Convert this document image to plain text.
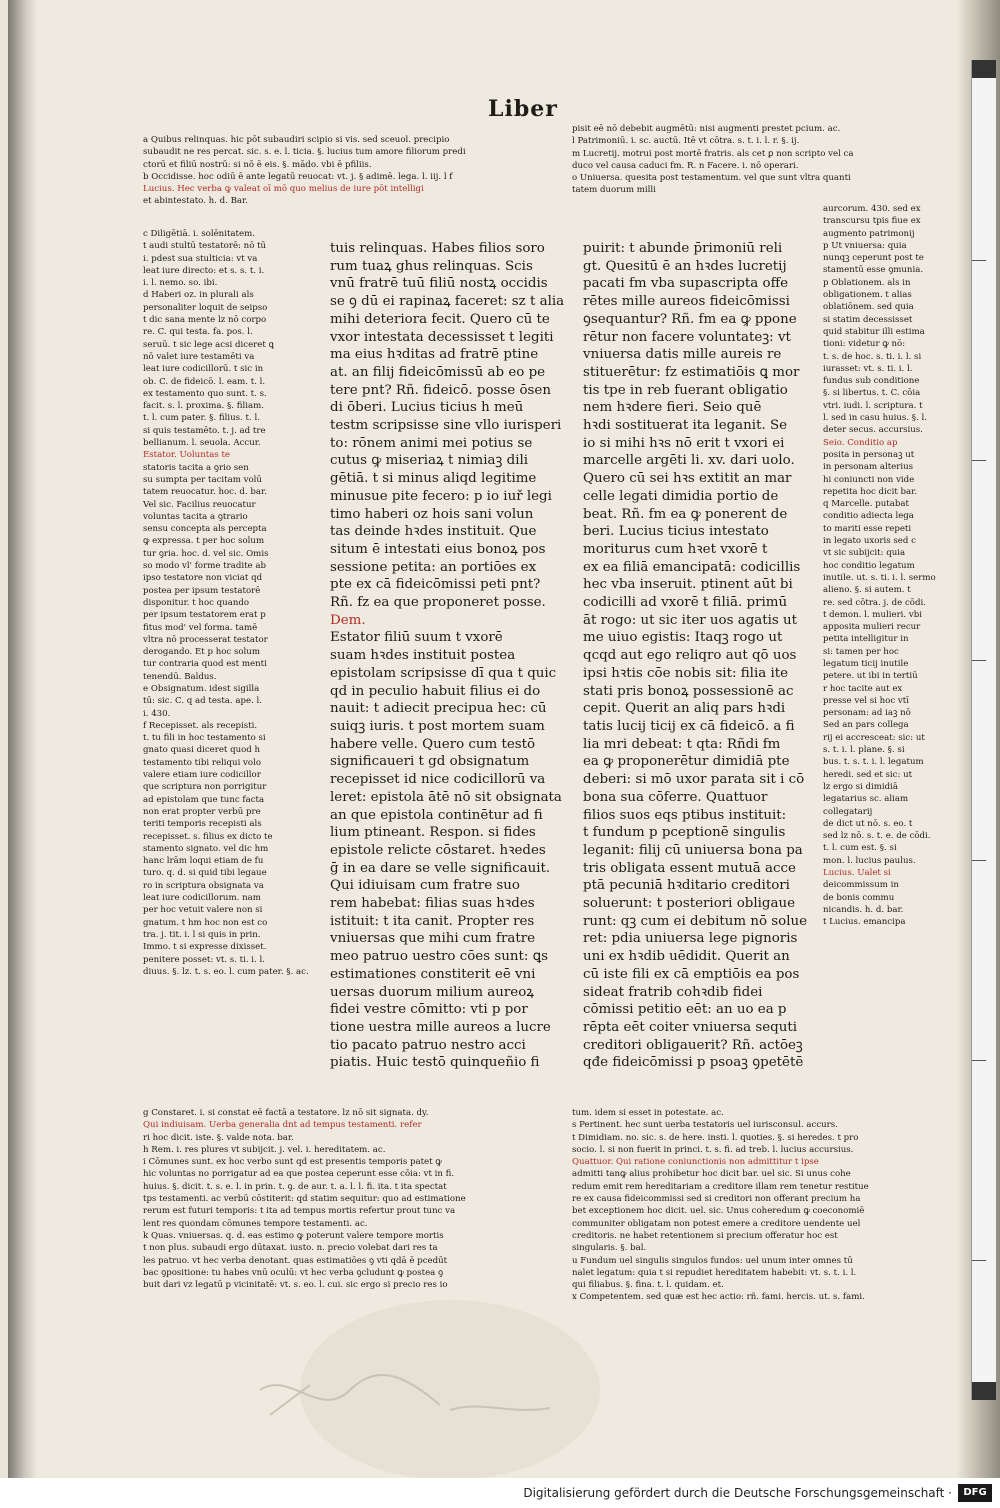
Liber

a Quibus relinquas. hic pōt subaudiri scipio si vis. sed sceuol. precipio

subaudit ne res percat. sic. s. e. l. ticia. §. lucius tum amore filiorum predi

ctorū et filiū nostrū: si nō ē eis. §. mādo. vbi ē pfiliis.

b Occidisse. hoc odiū ē ante legatū reuocat: vt. j. § adimē. lega. l. iij. l f

Lucius. Hec verba ꝙ valeat oī mō quo melius de iure pōt intelligi

et abintestato. h. d. Bar.

pisit eē nō debebit augmētū: nisi augmenti prestet pcium. ac.

l Patrimoniū. i. sc. auctū. Itē vt cōtra. s. t. i. l. r. §. ij.

m Lucretij. motrui post mortē fratris. als cet ꝑ non scripto vel ca

duco vel causa caduci fm. R. n Facere. i. nō operari.

o Uniuersa. quesita post testamentum. vel que sunt vltra quanti

tatem duorum milli

c Diligētiā. i. solēnitatem.

t audi stultū testatorē: nō tū

i. pdest sua stulticia: vt va

leat iure directo: et s. s. t. i.

i. l. nemo. so. ibi.

d Haberi oz. in plurali als

personaliter loquit de seipso

t dic sana mente lz nō corpo

re. C. qui testa. fa. pos. l.

seruū. t sic lege acsi diceret ꝗ

nō valet iure testamēti va

leat iure codicillorū. t sic in

ob. C. de fideicō. l. eam. t. l.

ex testamento quo sunt. t. s.

facit. s. l. proxima. §. filiam.

t. l. cum pater. §. filius. t. l.

si quis testamēto. t. j. ad tre

bellianum. l. seuola. Accur.

Estator. Uoluntas te

statoris tacita a ꝯrio sen

su sumpta per tacitam volū

tatem reuocatur. hoc. d. bar.

Vel sic. Facilius reuocatur

voluntas tacita a ꝯtrario

sensu concepta als percepta

ꝙ expressa. t per hoc solum

tur ꝯria. hoc. d. vel sic. Omis

so modo vl' forme tradite ab

ipso testatore non viciat qd

postea per ipsum testatorē

disponitur. t hoc quando

per ipsum testatorem erat p

fitus mod' vel forma. tamē

vltra nō processerat testator

derogando. Et p hoc solum

tur contraria quod est menti

tenendū. Baldus.

e Obsignatum. idest sigilla

tū: sic. C. q ad testa. ape. l.

i. 430.

f Recepisset. als recepisti.

t. tu fili in hoc testamento si

gnato quasi diceret quod h

testamento tibi reliqui volo

valere etiam iure codicillor

que scriptura non porrigitur

ad epistolam que tunc facta

non erat propter verbū pre

teriti temporis recepisti als

recepisset. s. filius ex dicto te

stamento signato. vel dic hm

hanc lrām loqui etiam de fu

turo. q. d. si quid tibi legaue

ro in scriptura obsignata va

leat iure codicillorum. nam

per hoc vetuit valere non si

gnatum. t hm hoc non est co

tra. j. tit. i. l si quis in prin.

Immo. t si expresse dixisset.

penitere posset: vt. s. ti. i. l.

diuus. §. lz. t. s. eo. l. cum pater. §. ac.

tuis relinquas. Habes filios soro

rum tuaꝝ ghus relinquas. Scis

vnū fratrē tuū filiū nostꝝ occidis

se ꝯ dū ei rapinaꝝ faceret: sz t alia

mihi deteriora fecit. Quero cū te

vxor intestata decessisset t legiti

ma eius hꝛditas ad fratrē ptine

at. an filij fideicōmissū ab eo pe

tere pnt? Rñ. fideicō. posse ōsen

di ōberi. Lucius ticius h meū

testm scripsisse sine vllo iurisperi

to: rōnem animi mei potius se

cutus ꝙ miseriaꝝ t nimiaꝫ dili

gētiā. t si minus aliqd legitime

minusue pite fecero: p io iuř legi

timo haberi oz hois sani volun

tas deinde hꝛdes instituit. Que

situm ē intestati eius bonoꝝ pos

sessione petita: an portiōes ex

pte ex cā fideicōmissi peti pnt?

Rñ. fz ea que proponeret posse.

Dem.

Estator filiū suum t vxorē

suam hꝛdes instituit postea

epistolam scripsisse dī qua t quic

qd in peculio habuit filius ei do

nauit: t adiecit precipua hec: cū

suiqꝫ iuris. t post mortem suam

habere velle. Quero cum testō

significaueri t gd obsignatum

recepisset id nice codicillorū va

leret: epistola ātē nō sit obsignata

an que epistola continētur ad fi

lium ptineant. Respon. si fides

epistole relicte cōstaret. hꝛedes

ḡ in ea dare se velle significauit.

Qui idiuisam cum fratre suo

rem habebat: filias suas hꝛdes

istituit: t ita canit. Propter res

vniuersas que mihi cum fratre

meo patruo uestro cōes sunt: ꝗs

estimationes constiterit eē vni

uersas duorum milium aureoꝝ

fidei vestre cōmitto: vti p por

tione uestra mille aureos a lucre

tio pacato patruo nestro acci

piatis. Huic testō quinqueñio fi

puirit: t abunde p̄rimoniū reli

gt. Quesitū ē an hꝛdes lucretij

pacati fm vba supascripta offe

rētes mille aureos fideicōmissi

ꝯsequantur? Rñ. fm ea ꝙ ppone

rētur non facere voluntateꝫ: vt

vniuersa datis mille aureis re

stituerētur: fz estimatiōis ꝗ mor

tis tpe in reb fuerant obligatio

nem hꝛdere fieri. Seio quē

hꝛdi sostituerat ita leganit. Se

io si mihi hꝛs nō erit t vxori ei

marcelle argēti li. xv. dari uolo.

Quero cū sei hꝛs extitit an mar

celle legati dimidia portio de

beat. Rñ. fm ea ꝙ ponerent de

beri. Lucius ticius intestato

moriturus cum hꝛet vxorē t

ex ea filiā emancipatā: codicillis

hec vba inseruit. ptinent aūt bi

codicilli ad vxorē t filiā. primū

āt rogo: ut sic iter uos agatis ut

me uiuo egistis: Itaqꝫ rogo ut

qcqd aut ego reliqro aut qō uos

ipsi hꝛtis cōe nobis sit: filia ite

stati pris bonoꝝ possessionē ac

cepit. Querit an aliq pars hꝛdi

tatis lucij ticij ex cā fideicō. a fi

lia mri debeat: t qta: Rñdi fm

ea ꝙ proponerētur dimidiā pte

deberi: si mō uxor parata sit i cō

bona sua cōferre. Quattuor

filios suos eqs ptibus instituit:

t fundum p pceptionē singulis

leganit: filij cū uniuersa bona pa

tris obligata essent mutuā acce

ptā pecuniā hꝛditario creditori

soluerunt: t posteriori obligaue

runt: qꝫ cum ei debitum nō solue

ret: pdia uniuersa lege pignoris

uni ex hꝛdib uēdidit. Querit an

cū iste fili ex cā emptiōis ea pos

sideat fratrib cohꝛdib fidei

cōmissi petitio eēt: an uo ea p

rēpta eēt coiter vniuersa sequti

creditori obligauerit? Rñ. actōeꝫ

qđe fideicōmissi p psoaꝫ ꝯpetētē

aurcorum. 430. sed ex

transcursu tpis fiue ex

augmento patrimonij

p Ut vniuersa: quia

nunqꝫ ceperunt post te

stamentū esse ꝯmunia.

p Oblationem. als in

obligationem. t alias

oblatiōnem. sed quia

si statim decessisset

quid stabitur illi estima

tioni: videtur ꝙ nō:

t. s. de hoc. s. ti. i. l. si

iurasset: vt. s. ti. i. l.

fundus sub conditione

§. si libertus. t. C. cōia

vtri. iudi. l. scriptura. t

l. sed in casu huius. §. l.

deter secus. accursius.

Seio. Conditio ap

posita in personaꝫ ut

in personam alterius

hi coniuncti non vide

repetita hoc dicit bar.

q Marcelle. putabat

conditio adiecta lega

to mariti esse repeti

in legato uxoris sed c

vt sic subijcit: quia

hoc conditio legatum

inutile. ut. s. ti. i. l. sermo

alieno. §. si autem. t

re. sed cōtra. j. de cōdi.

t demon. l. mulieri. vbi

apposita mulieri recur

petita intelligitur in

si: tamen per hoc

legatum ticij inutile

petere. ut ibi in tertiū

r hoc tacite aut ex

presse vel si hoc vtī

personam: ad iaꝫ nō

Sed an pars collega

rij ei accresceat: sic: ut

s. t. i. l. plane. §. si

bus. t. s. t. i. l. legatum

heredi. sed et sic: ut

lz ergo si dimidiā

legatarius sc. aliam

collegatarij

de dict ut nō. s. eo. t

sed lz nō. s. t. e. de cōdi.

t. l. cum est. §. si

mon. l. lucius paulus.

Lucius. Ualet si

deicommissum in

de bonis commu

nicandis. h. d. bar.

t Lucius. emancipa

g Constaret. i. si constat eē factā a testatore. lz nō sit signata. dy.

Qui indiuisam. Uerba generalia dnt ad tempus testamenti. refer

ri hoc dicit. iste. §. valde nota. bar.

h Rem. i. res plures vt subijcit. j. vel. i. hereditatem. ac.

i Cōmunes sunt. ex hoc verbo sunt qd est presentis temporis patet ꝙ

hic voluntas no porrigatur ad ea que postea ceperunt esse cōia: vt in fi.

huius. §. dicit. t. s. e. l. in prin. t. ꝯ. de aur. t. a. l. l. fi. ita. t ita spectat

tps testamenti. ac verbū cōstiterit: qd statim sequitur: quo ad estimatione

rerum est futuri temporis: t ita ad tempus mortis refertur prout tunc va

lent res quondam cōmunes tempore testamenti. ac.

k Quas. vniuersas. q. d. eas estimo ꝙ poterunt valere tempore mortis

t non plus. subaudi ergo dūtaxat. iusto. n. precio volebat dari res ta

les patruo. vt hec verba denotant. quas estimatiōes ꝯ vti qdā ē pcedūt

bac ꝯpositione: tu habes vnū oculū: vt hec verba ꝯcludunt ꝙ postea ꝯ

buit dari vz legatū p vicinitatē: vt. s. eo. l. cui. sic ergo si precio res io

tum. idem si esset in potestate. ac.

s Pertinent. hec sunt uerba testatoris uel iurisconsul. accurs.

t Dimidiam. no. sic. s. de here. insti. l. quoties. §. si heredes. t pro

socio. l. si non fuerit in princi. t. s. fi. ad treb. l. lucius accursius.

Quattuor. Qui ratione coniunctionis non admittitur t ipse

admitti tanꝙ alius prohibetur hoc dicit bar. uel sic. Si unus cohe

redum emit rem hereditariam a creditore illam rem tenetur restitue

re ex causa fideicommissi sed si creditori non offerant precium ha

bet exceptionem hoc dicit. uel. sic. Unus coheredum ꝙ coeconomiē

communiter obligatam non potest emere a creditore uendente uel

creditoris. ne habet retentionem si precium offeratur hoc est

singularis. §. bal.

u Fundum uel singulis singulos fundos: uel unum inter omnes tū

nalet legatum: quia t si repudiet hereditatem habebit: vt. s. t. i. l.

qui filiabus. §. fina. t. l. quidam. et.

x Competentem. sed quæ est hec actio: rñ. fami. hercis. ut. s. fami.

Digitalisierung gefördert durch die Deutsche Forschungsgemeinschaft ·	DFG
